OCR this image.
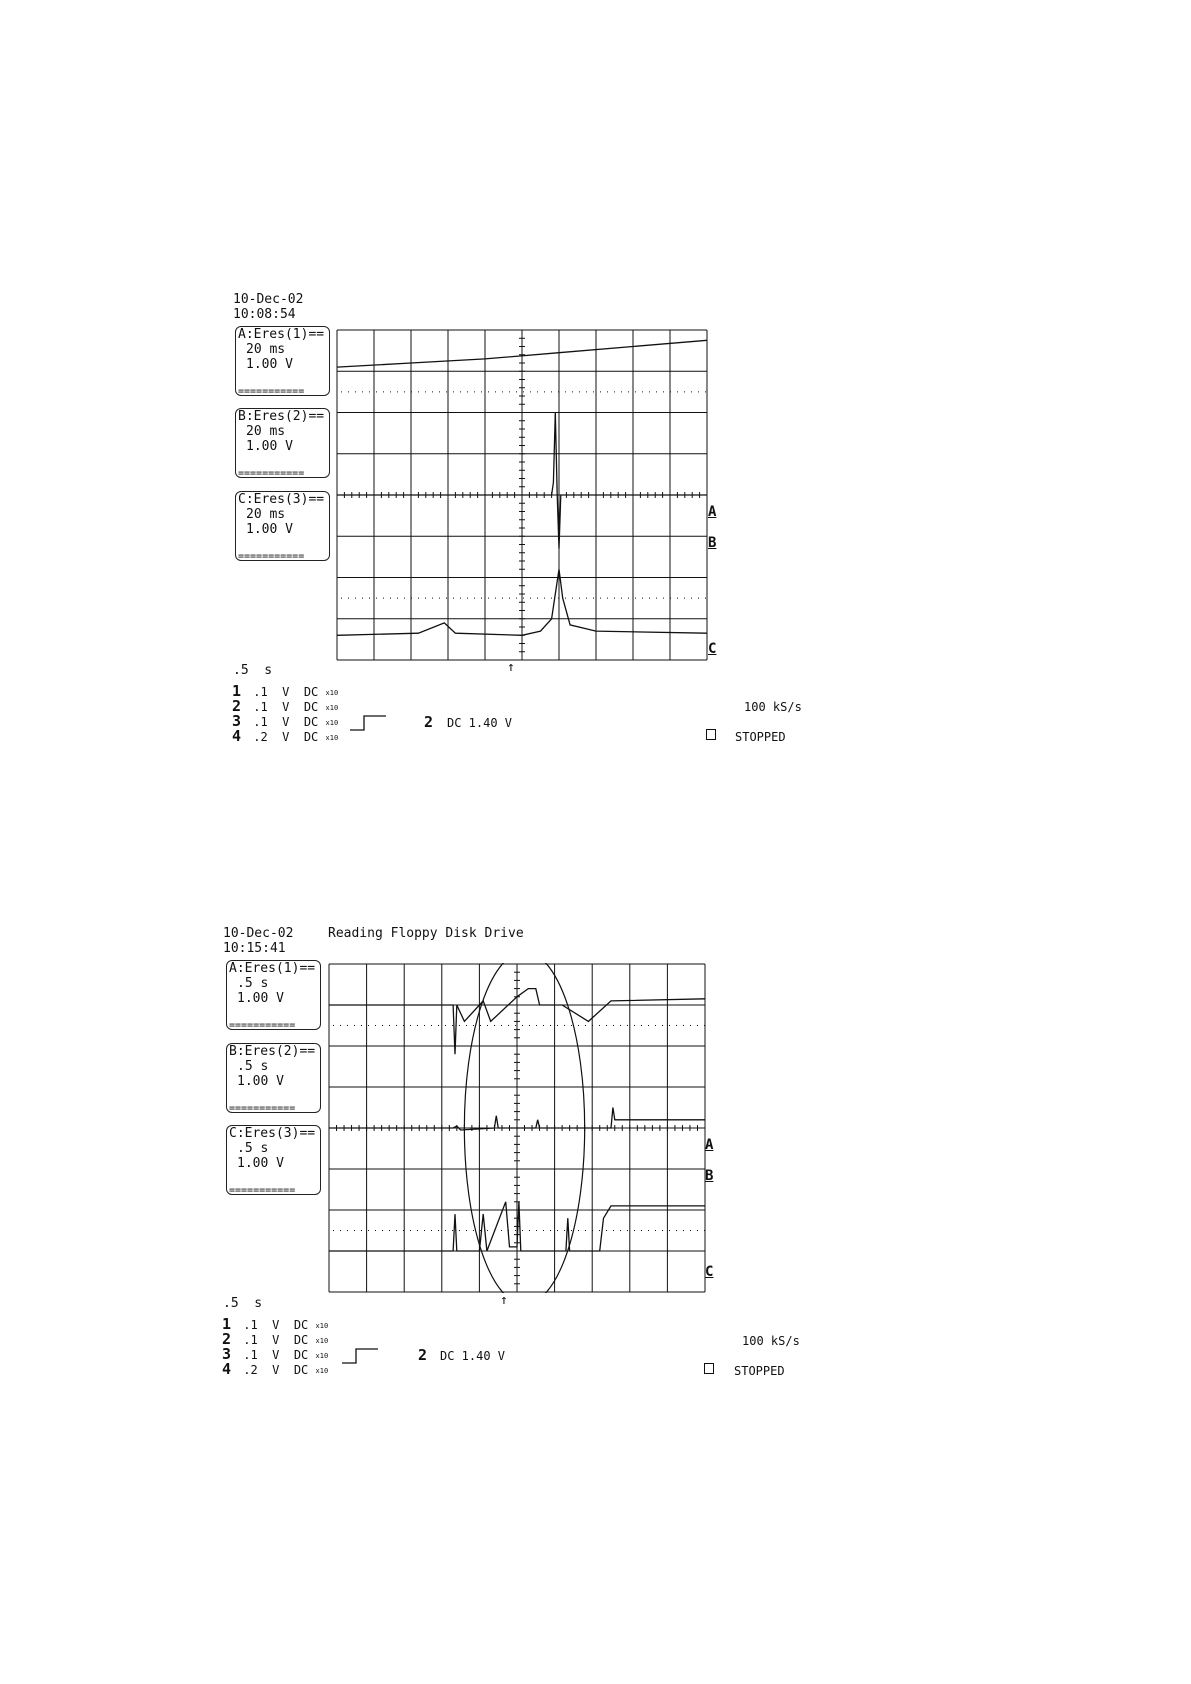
10-Dec-02
10:08:54
A:Eres(1)==
20 ms
1.00 V
===========
B:Eres(2)==
20 ms
1.00 V
===========
C:Eres(3)==
20 ms
1.00 V
===========
A
B
C
↑
.5  s
1 .1 V DC x10
2 .1 V DC x10
3 .1 V DC x10
4 .2 V DC x10
2 DC 1.40 V
100 kS/s
STOPPED
10-Dec-02
10:15:41
Reading Floppy Disk Drive
A:Eres(1)==
.5 s
1.00 V
===========
B:Eres(2)==
.5 s
1.00 V
===========
C:Eres(3)==
.5 s
1.00 V
===========
A
B
C
↑
.5  s
1 .1 V DC x10
2 .1 V DC x10
3 .1 V DC x10
4 .2 V DC x10
2 DC 1.40 V
100 kS/s
STOPPED
